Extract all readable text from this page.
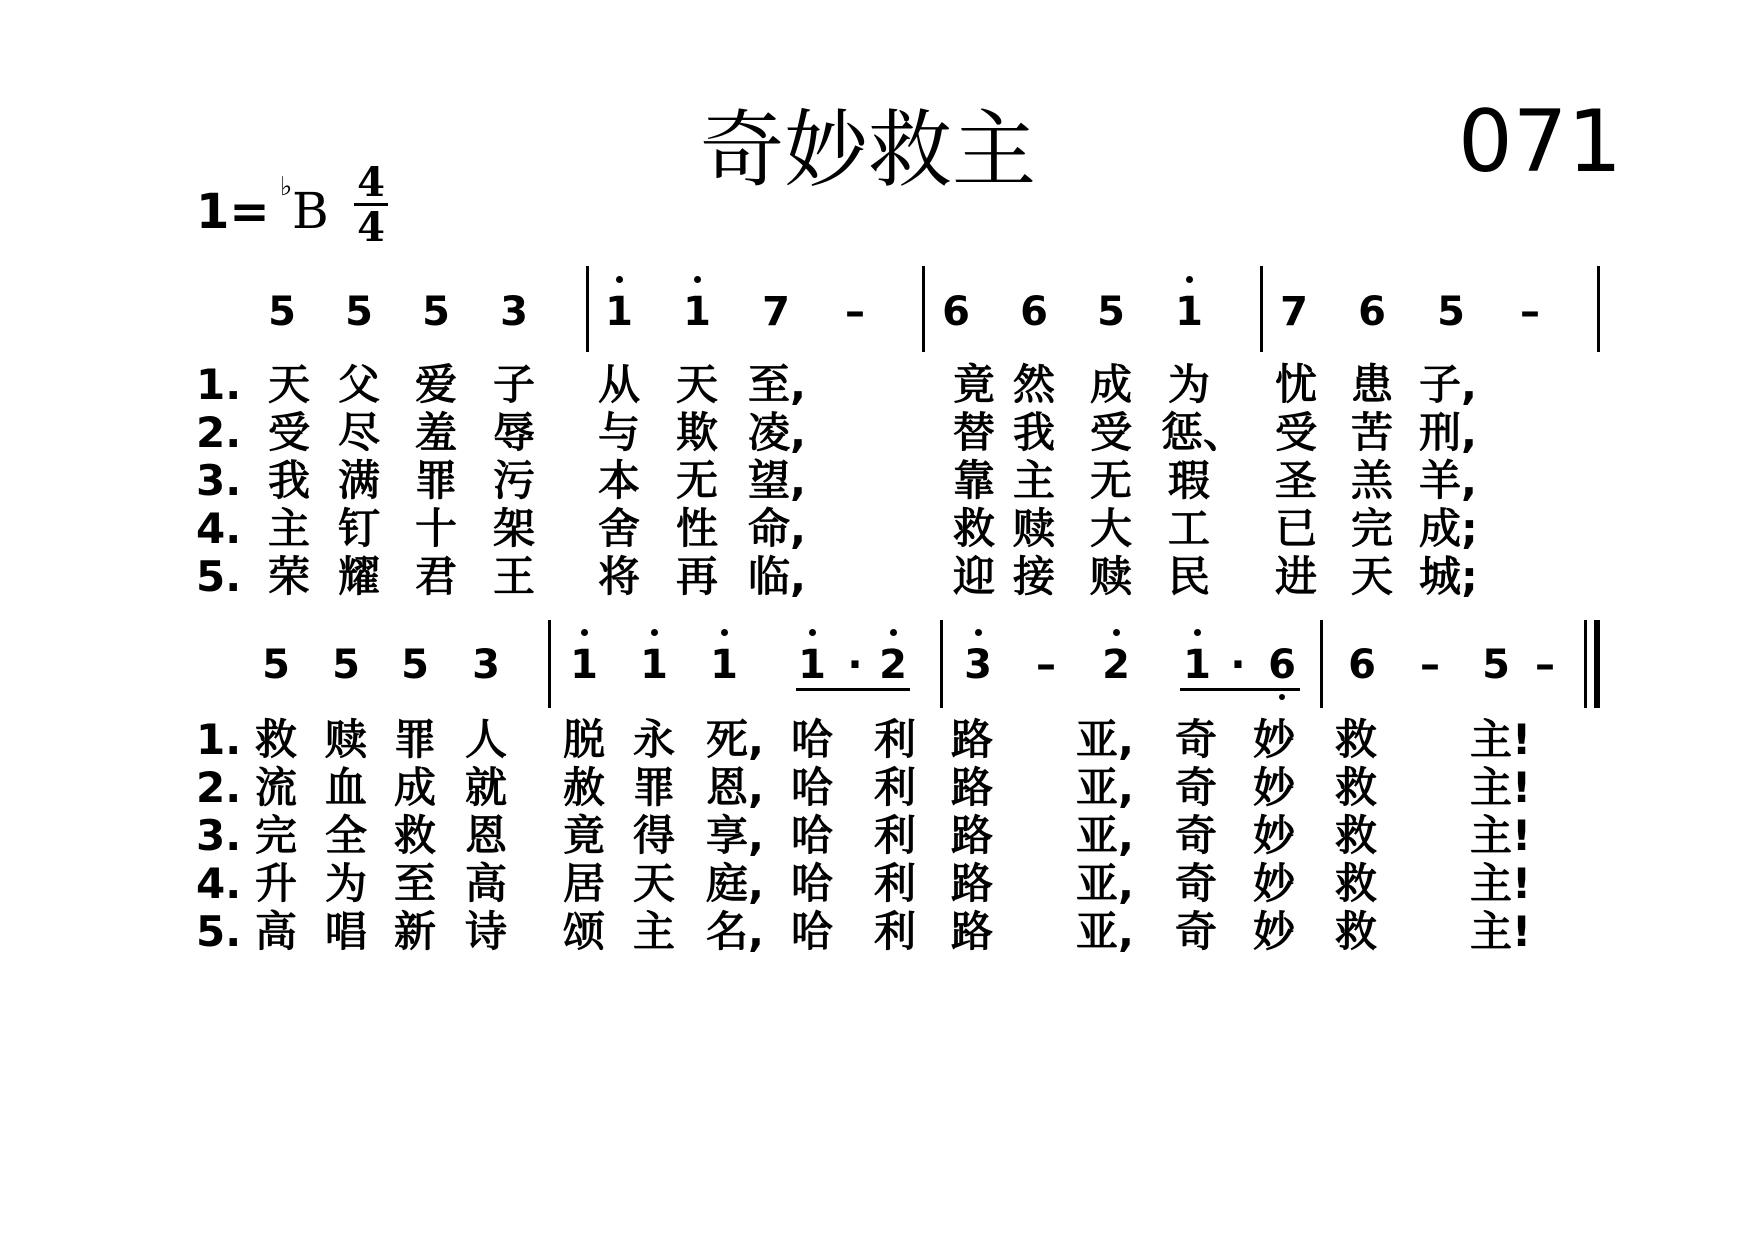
奇妙救主	071
1= ♭ B 4
4
5 5 5 3 1 1 7	–	6 6 5 1 7 6 5	–
1. 天 父 爱 子 从 天 至,	竟 然 成 为 忧 患 子,
2. 受 尽 羞 辱 与 欺 凌,	替 我 受 惩、 受 苦 刑,
3. 我 满 罪 污 本 无 望,	靠 主 无 瑕 圣 羔 羊,
4. 主 钉 十 架 舍 性 命,	救 赎 大 工 已 完 成;
5. 荣 耀 君 王 将 再 临,	迎 接 赎 民 进 天 城;
5 5 5 3 1 1 1 1 · 2 3	–	2 1 · 6 6	–	5 –
1. 救 赎 罪 人 脱 永 死, 哈 利 路 亚, 奇 妙 救 主!
2. 流 血 成 就 赦 罪 恩, 哈 利 路 亚, 奇 妙 救 主!
3. 完 全 救 恩 竟 得 享, 哈 利 路 亚, 奇 妙 救 主!
4. 升 为 至 高 居 天 庭, 哈 利 路 亚, 奇 妙 救 主!
5. 高 唱 新 诗 颂 主 名, 哈 利 路 亚, 奇 妙 救 主!
